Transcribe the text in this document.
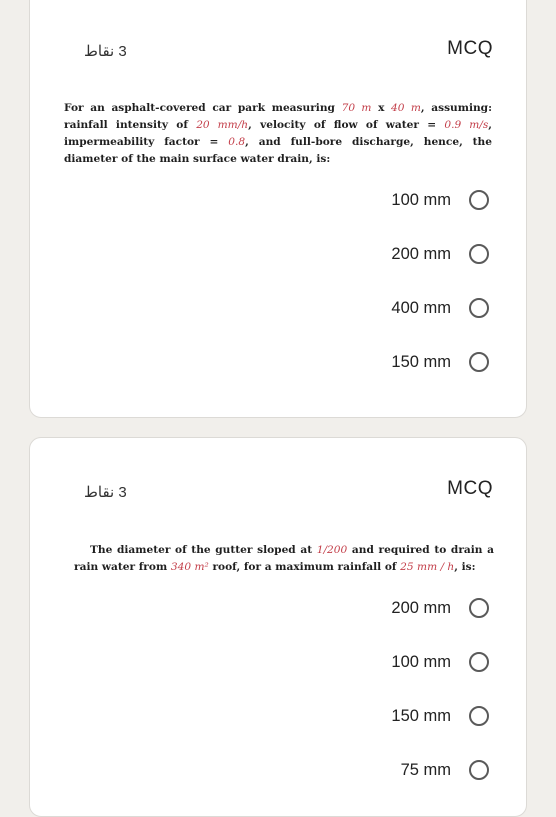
3 نقاط	MCQ
For an asphalt-covered car park measuring 70 m x 40 m, assuming: rainfall intensity of 20 mm/h, velocity of flow of water = 0.9 m/s, impermeability factor = 0.8, and full-bore discharge, hence, the diameter of the main surface water drain, is:
100 mm
200 mm
400 mm
150 mm
3 نقاط	MCQ
The diameter of the gutter sloped at 1/200 and required to drain a rain water from 340 m² roof, for a maximum rainfall of 25 mm / h, is:
200 mm
100 mm
150 mm
75 mm
